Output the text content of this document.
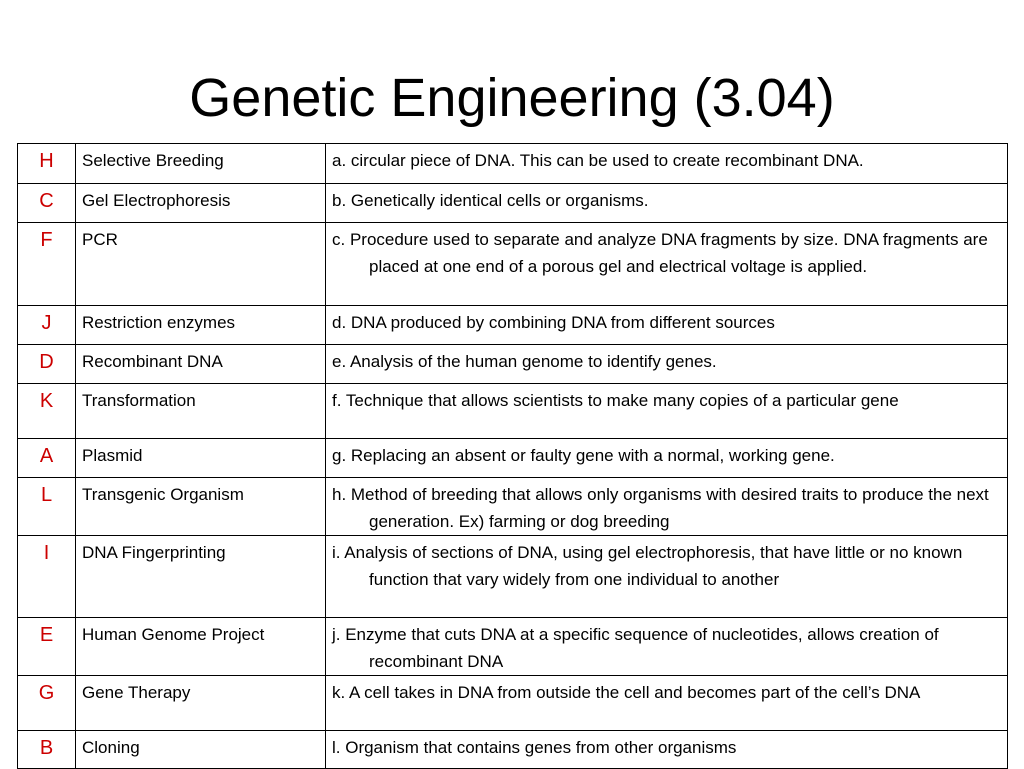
Genetic Engineering (3.04)
H	Selective Breeding	a. circular piece of DNA. This can be used to create recombinant DNA.

C	Gel Electrophoresis	b. Genetically identical cells or organisms.

F	PCR	c. Procedure used to separate and analyze DNA fragments by size. DNA fragments are placed at one end of a porous gel and electrical voltage is applied.

J	Restriction enzymes	d. DNA produced by combining DNA from different sources

D	Recombinant DNA	e. Analysis of the human genome to identify genes.

K	Transformation	f. Technique that allows scientists to make many copies of a particular gene

A	Plasmid	g. Replacing an absent or faulty gene with a normal, working gene.

L	Transgenic Organism	h. Method of breeding that allows only organisms with desired traits to produce the next generation. Ex) farming or dog breeding

I	DNA Fingerprinting	i. Analysis of sections of DNA, using gel electrophoresis, that have little or no known function that vary widely from one individual to another

E	Human Genome Project	j. Enzyme that cuts DNA at a specific sequence of nucleotides, allows creation of recombinant DNA

G	Gene Therapy	k. A cell takes in DNA from outside the cell and becomes part of the cell’s DNA

B	Cloning	l. Organism that contains genes from other organisms
